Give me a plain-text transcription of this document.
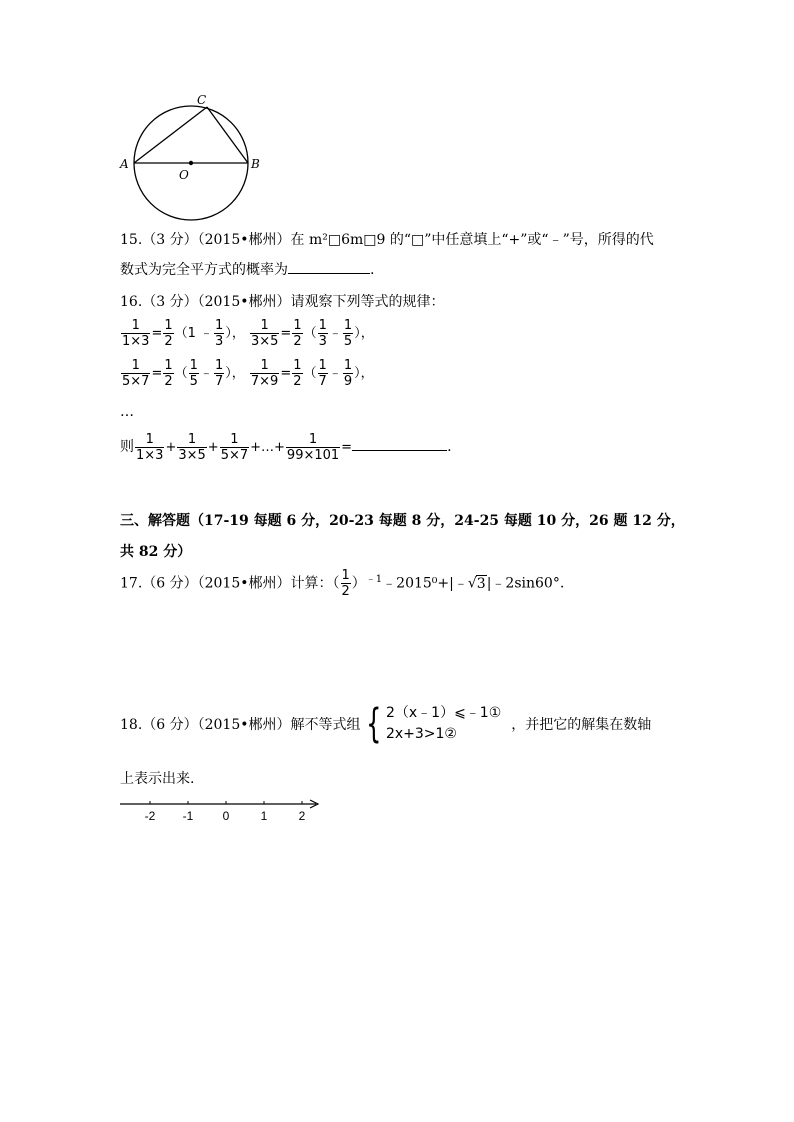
A	B
C
O
15.（3 分）（2015•郴州）在 m²□6m□9 的“□”中任意填上“+”或“﹣”号，所得的代
数式为完全平方式的概率为	.
16.（3 分）（2015•郴州）请观察下列等式的规律：
$\frac{1}{1\times 3} = \frac{1}{2} (1$ ﹣ $\frac{1}{3}$ ）， $\frac{1}{3\times 5} = \frac{1}{2}$ （ $\frac{1}{3}$ ﹣ $\frac{1}{5}$ ），
$\frac{1}{5\times 7} = \frac{1}{2}$ （ $\frac{1}{5}$ ﹣ $\frac{1}{7}$ ）， $\frac{1}{7\times 9} = \frac{1}{2}$ （ $\frac{1}{7}$ ﹣ $\frac{1}{9}$ ），
…
则 $\frac{1}{1\times 3} + \frac{1}{3\times 5} + \frac{1}{5\times 7}$ +…+ $\frac{1}{99\times 101}$ =	.
三、解答题（17-19 每题 6 分，20-23 每题 8 分，24-25 每题 10 分，26 题 12 分，
共 82 分）
17.（6 分）（2015•郴州）计算：（ $\frac{1}{2}$ ）$^{﹣1}$﹣2015⁰+|﹣√3|﹣2sin60°.
18.（6 分）（2015•郴州）解不等式组 { 2（x﹣1）⩽﹣1①
2x+3>1②
，并把它的解集在数轴
上表示出来.
-2 -1 0	1	2
